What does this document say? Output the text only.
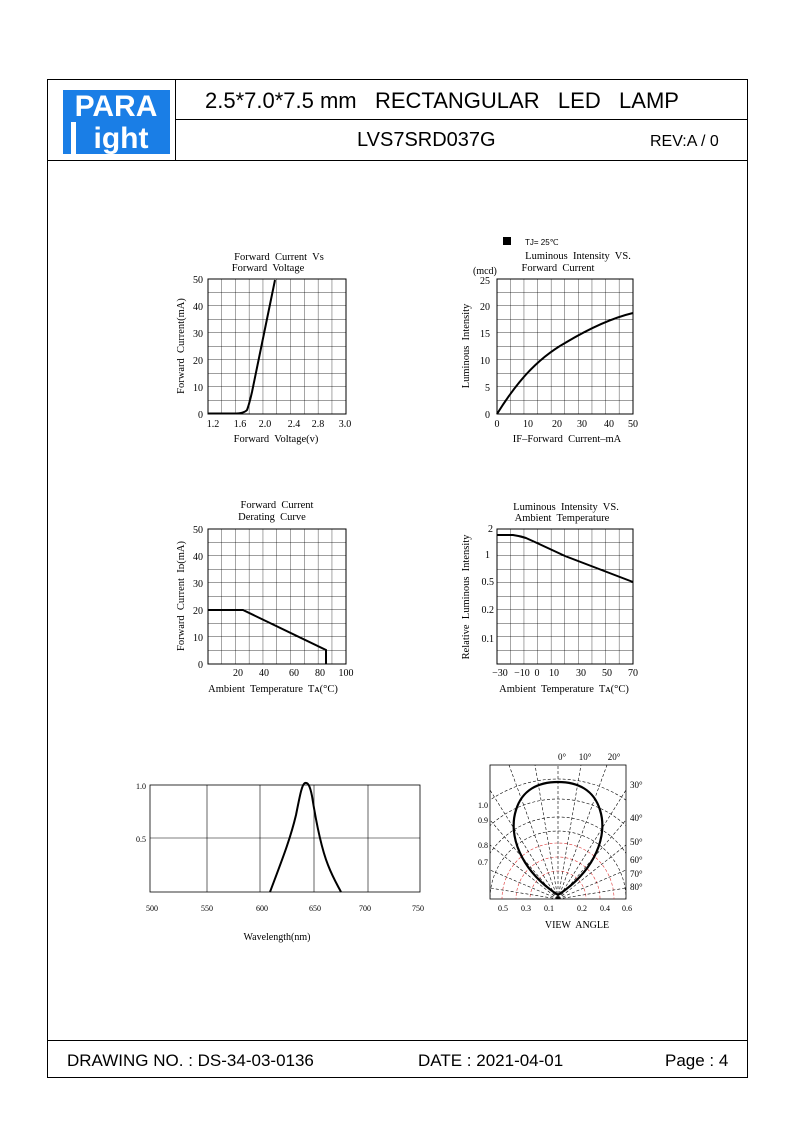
PARA
ight
2.5*7.0*7.5 mm   RECTANGULAR   LED   LAMP
LVS7SRD037G	REV:A / 0
DRAWING NO. : DS-34-03-0136	DATE : 2021-04-01	Page : 4
Forward  Current  Vs
Forward  Voltage
0
10
20
30
40
50
1.2 1.6 2.0 2.4 2.8 3.0
Forward  Voltage(v)
Forward  Current(mA)
TJ= 25℃
Luminous  Intensity  VS.
Forward  Current
(mcd)
0
5
10
15
20
25
0 10 20 30 40 50
IF–Forward  Current–mA
Luminous  Intensity
Forward  Current
Derating  Curve
0
10
20
30
40
50
20 40 60 80 100
Ambient  Temperature  Tᴀ(°C)
Forward  Current  Iᴅ(mA)
Luminous  Intensity  VS.
Ambient  Temperature
0.1
0.2
0.5
1
2
−30 −10 0 10 30 50 70
Ambient  Temperature  Tᴀ(°C)
Relative  Luminous  Intensity
1.0
0.5
500	550	600	650	700	750
Wavelength(nm)
0° 10° 20°
30°
40°
50°
60°
70°
80°
1.0
0.9
0.8
0.7
0.5 0.3 0.1	0.2 0.4 0.6
VIEW  ANGLE
